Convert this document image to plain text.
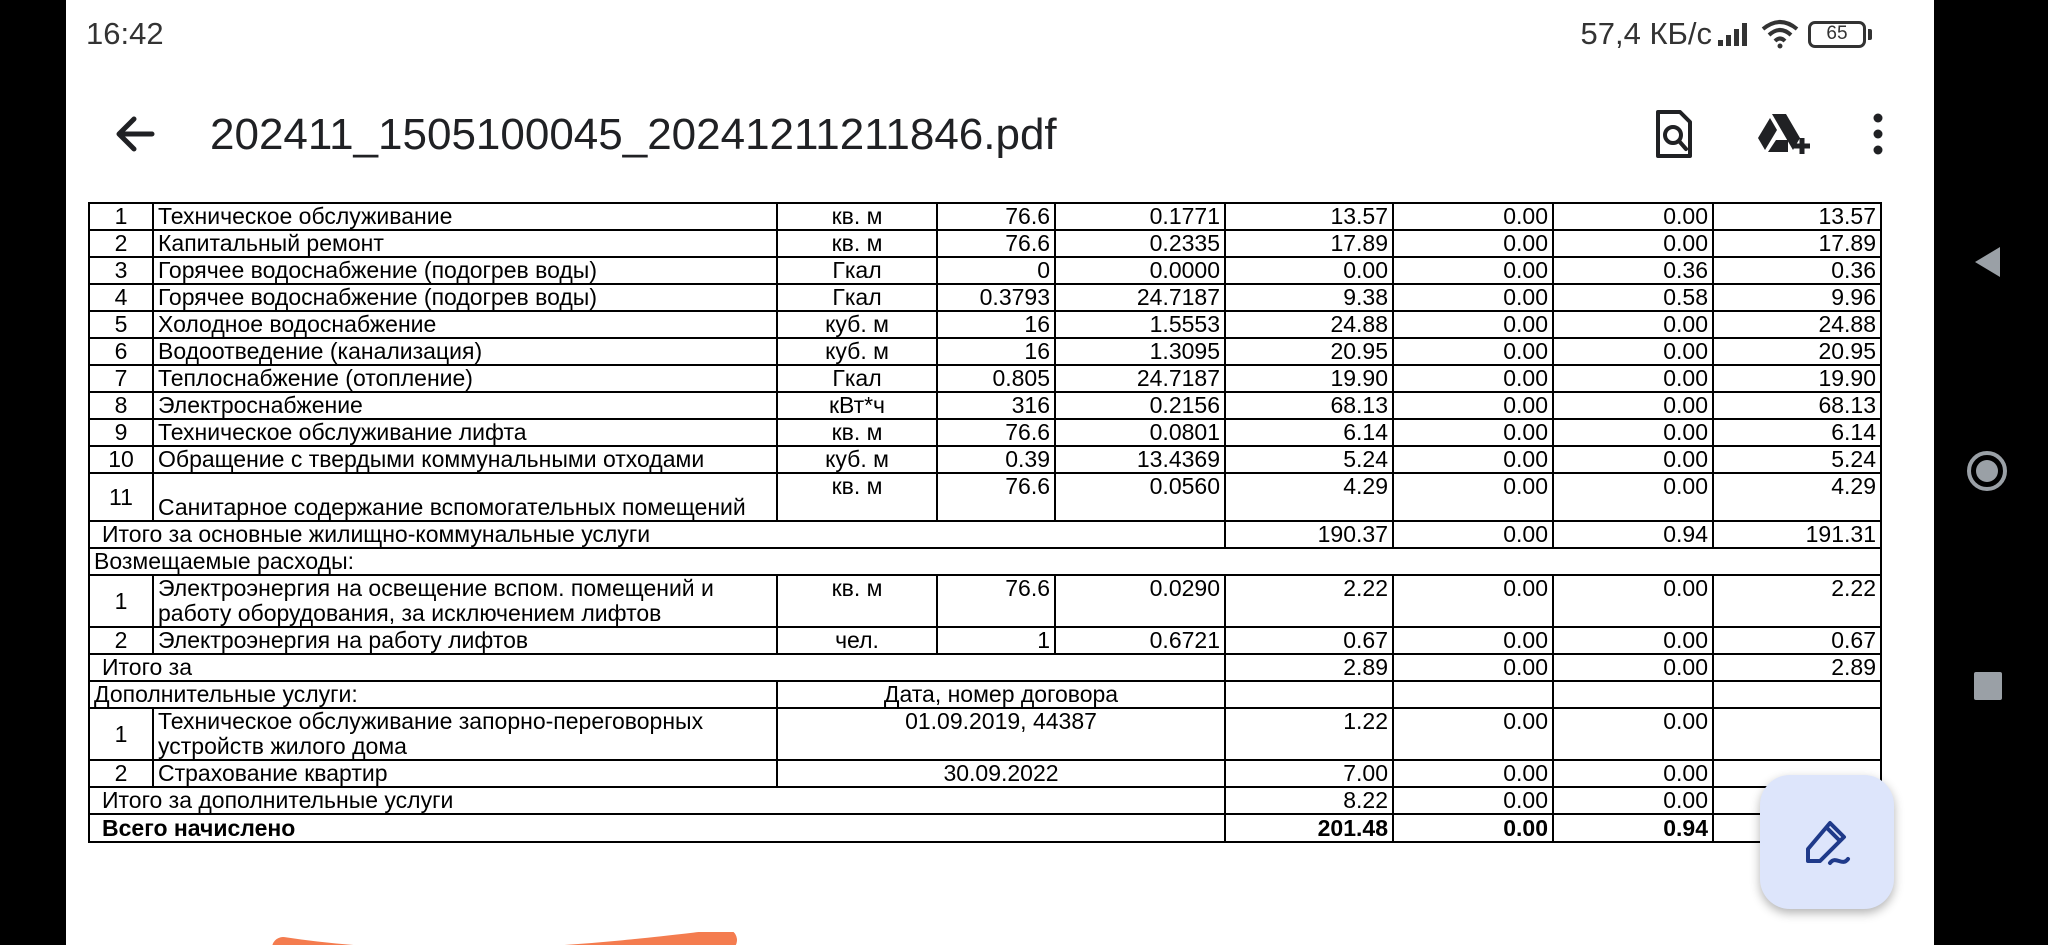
16:42	57,4 КБ/с	65
202411_1505100045_20241211211846.pdf
1	Техническое обслуживание	кв. м	76.6	0.1771	13.57	0.00	0.00	13.57
2	Капитальный ремонт	кв. м	76.6	0.2335	17.89	0.00	0.00	17.89
3	Горячее водоснабжение (подогрев воды)	Гкал	0	0.0000	0.00	0.00	0.36	0.36
4	Горячее водоснабжение (подогрев воды)	Гкал	0.3793	24.7187	9.38	0.00	0.58	9.96
5	Холодное водоснабжение	куб. м	16	1.5553	24.88	0.00	0.00	24.88
6	Водоотведение (канализация)	куб. м	16	1.3095	20.95	0.00	0.00	20.95
7	Теплоснабжение (отопление)	Гкал	0.805	24.7187	19.90	0.00	0.00	19.90
8	Электроснабжение	кВт*ч	316	0.2156	68.13	0.00	0.00	68.13
9	Техническое обслуживание лифта	кв. м	76.6	0.0801	6.14	0.00	0.00	6.14
10	Обращение с твердыми коммунальными отходами	куб. м	0.39	13.4369	5.24	0.00	0.00	5.24
11	Санитарное содержание вспомогательных помещений	кв. м	76.6	0.0560	4.29	0.00	0.00	4.29
Итого за основные жилищно-коммунальные услуги					190.37	0.00	0.94	191.31
Возмещаемые расходы:								
1	Электроэнергия на освещение вспом. помещений и работу оборудования, за исключением лифтов	кв. м	76.6	0.0290	2.22	0.00	0.00	2.22
2	Электроэнергия на работу лифтов	чел.	1	0.6721	0.67	0.00	0.00	0.67
Итого за					2.89	0.00	0.00	2.89
Дополнительные услуги:		Дата, номер договора						
1	Техническое обслуживание запорно-переговорных устройств жилого дома	01.09.2019, 44387			1.22	0.00	0.00	
2	Страхование квартир	30.09.2022			7.00	0.00	0.00	
Итого за дополнительные услуги					8.22	0.00	0.00	
Всего начислено					201.48	0.00	0.94	
